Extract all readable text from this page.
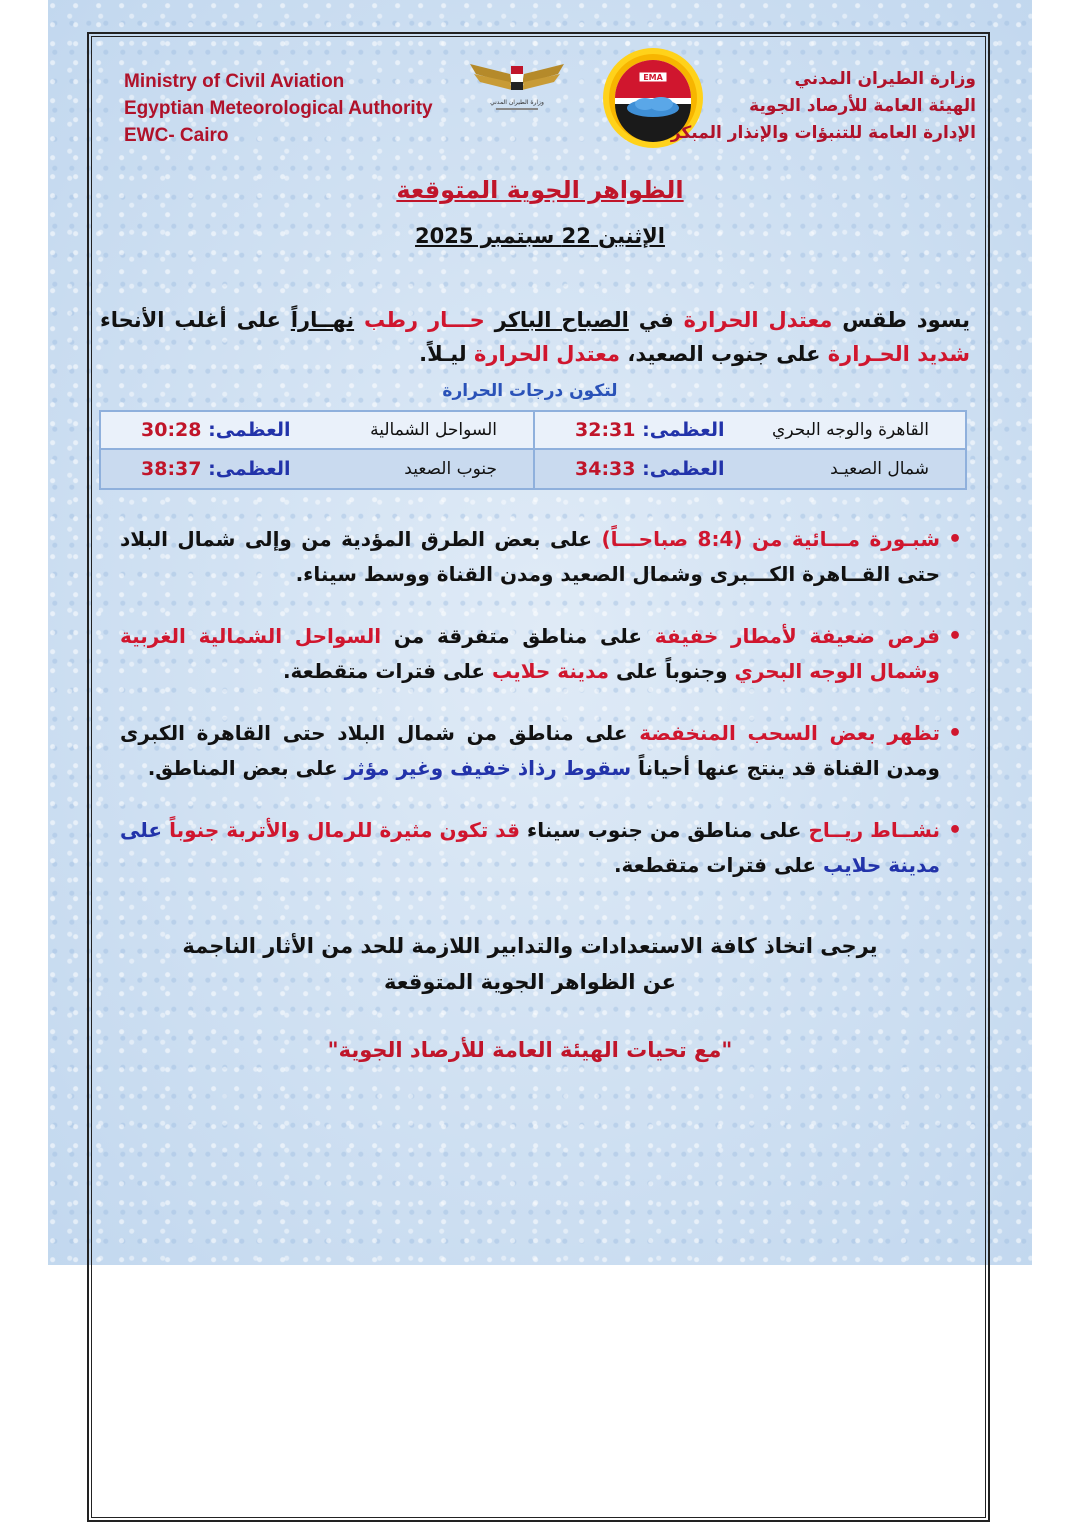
Ministry of Civil Aviation
Egyptian Meteorological Authority
EWC- Cairo
وزارة الطيران المدني
EMA	وزارة الطيران المدني
الهيئة العامة للأرصاد الجوية
الإدارة العامة للتنبؤات والإنذار المبكر
الظواهر الجوية المتوقعة
الإثنين 22 سبتمبر 2025
يسود طقس معتدل الحرارة في الصباح الباكر حـــار رطب نهــاراً على أغلب الأنحاء شديد الحـرارة على جنوب الصعيد، معتدل الحرارة ليـلاً.
لتكون درجات الحرارة
القاهرة والوجه البحري
العظمى: 32:31
السواحل الشمالية
العظمى: 30:28
شمال الصعيـد
العظمى: 34:33
جنوب الصعيد
العظمى: 38:37
• شبـورة مـــائية من (8:4 صباحـــاً) على بعض الطرق المؤدية من وإلى شمال البلاد حتى القــاهرة الكـــبرى وشمال الصعيد ومدن القناة ووسط سيناء.
• فرص ضعيفة لأمطار خفيفة على مناطق متفرقة من السواحل الشمالية الغربية وشمال الوجه البحري وجنوباً على مدينة حلايب على فترات متقطعة.
• تظهر بعض السحب المنخفضة على مناطق من شمال البلاد حتى القاهرة الكبرى ومدن القناة قد ينتج عنها أحياناً سقوط رذاذ خفيف وغير مؤثر على بعض المناطق.
• نشــاط ريــاح على مناطق من جنوب سيناء قد تكون مثيرة للرمال والأتربة جنوباً على مدينة حلايب على فترات متقطعة.
يرجى اتخاذ كافة الاستعدادات والتدابير اللازمة للحد من الأثار الناجمة
عن الظواهر الجوية المتوقعة
"مع تحيات الهيئة العامة للأرصاد الجوية"
